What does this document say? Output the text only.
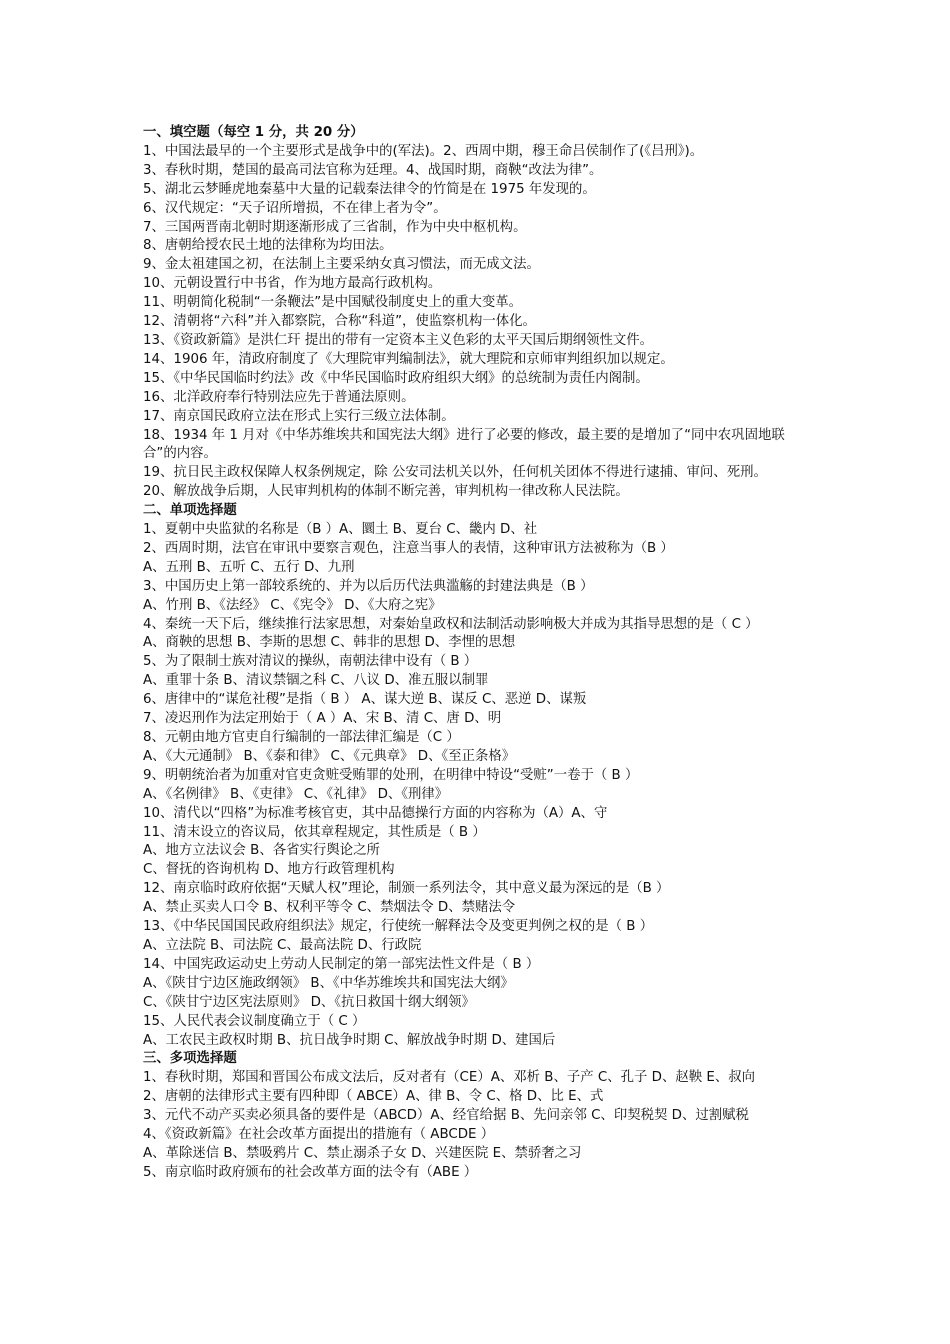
一、填空题（每空 1 分，共 20 分）
1、中国法最早的一个主要形式是战争中的(军法)。2、西周中期，穆王命吕侯制作了(《吕刑》)。
3、春秋时期，楚国的最高司法官称为廷理。4、战国时期，商鞅“改法为律”。
5、湖北云梦睡虎地秦墓中大量的记载秦法律令的竹简是在 1975 年发现的。
6、汉代规定：“天子诏所增损，不在律上者为令”。
7、三国两晋南北朝时期逐渐形成了三省制，作为中央中枢机构。
8、唐朝给授农民土地的法律称为均田法。
9、金太祖建国之初，在法制上主要采纳女真习惯法，而无成文法。
10、元朝设置行中书省，作为地方最高行政机构。
11、明朝简化税制“一条鞭法”是中国赋役制度史上的重大变革。
12、清朝将“六科”并入都察院，合称“科道”，使监察机构一体化。
13、《资政新篇》是洪仁玕 提出的带有一定资本主义色彩的太平天国后期纲领性文件。
14、1906 年，清政府制度了《大理院审判编制法》，就大理院和京师审判组织加以规定。
15、《中华民国临时约法》改《中华民国临时政府组织大纲》的总统制为责任内阁制。
16、北洋政府奉行特别法应先于普通法原则。
17、南京国民政府立法在形式上实行三级立法体制。
18、1934 年 1 月对《中华苏维埃共和国宪法大纲》进行了必要的修改，最主要的是增加了“同中农巩固地联合”的内容。
19、抗日民主政权保障人权条例规定，除 公安司法机关以外，任何机关团体不得进行逮捕、审问、死刑。
20、解放战争后期，人民审判机构的体制不断完善，审判机构一律改称人民法院。
二、单项选择题
1、夏朝中央监狱的名称是（B ）A、圜土 B、夏台 C、畿内 D、社
2、西周时期，法官在审讯中要察言观色，注意当事人的表情，这种审讯方法被称为（B ）
A、五刑 B、五听 C、五行 D、九刑
3、中国历史上第一部较系统的、并为以后历代法典滥觞的封建法典是（B ）
A、竹刑 B、《法经》 C、《宪令》 D、《大府之宪》
4、秦统一天下后，继续推行法家思想，对秦始皇政权和法制活动影响极大并成为其指导思想的是（ C ）
A、商鞅的思想 B、李斯的思想 C、韩非的思想 D、李悝的思想
5、为了限制士族对清议的操纵，南朝法律中设有（ B ）
A、重罪十条 B、清议禁锢之科 C、八议 D、准五服以制罪
6、唐律中的“谋危社稷”是指（ B ） A、谋大逆 B、谋反 C、恶逆 D、谋叛
7、凌迟刑作为法定刑始于（ A ）A、宋 B、清 C、唐 D、明
8、元朝由地方官吏自行编制的一部法律汇编是（C ）
A、《大元通制》 B、《泰和律》 C、《元典章》 D、《至正条格》
9、明朝统治者为加重对官吏贪赃受贿罪的处刑，在明律中特设“受赃”一卷于（ B ）
A、《名例律》 B、《吏律》 C、《礼律》 D、《刑律》
10、清代以“四格”为标准考核官吏，其中品德操行方面的内容称为（A）A、守
11、清末设立的咨议局，依其章程规定，其性质是（ B ）
A、地方立法议会 B、各省实行舆论之所
C、督抚的咨询机构 D、地方行政管理机构
12、南京临时政府依据“天赋人权”理论，制颁一系列法令，其中意义最为深远的是（B ）
A、禁止买卖人口令 B、权利平等令 C、禁烟法令 D、禁赌法令
13、《中华民国国民政府组织法》规定，行使统一解释法令及变更判例之权的是（ B ）
A、立法院 B、司法院 C、最高法院 D、行政院
14、中国宪政运动史上劳动人民制定的第一部宪法性文件是（ B ）
A、《陕甘宁边区施政纲领》 B、《中华苏维埃共和国宪法大纲》
C、《陕甘宁边区宪法原则》 D、《抗日救国十纲大纲领》
15、人民代表会议制度确立于（ C ）
A、工农民主政权时期 B、抗日战争时期 C、解放战争时期 D、建国后
三、多项选择题
1、春秋时期，郑国和晋国公布成文法后，反对者有（CE）A、邓析 B、子产 C、孔子 D、赵鞅 E、叔向
2、唐朝的法律形式主要有四种即（ ABCE）A、律 B、令 C、格 D、比 E、式
3、元代不动产买卖必须具备的要件是（ABCD）A、经官给据 B、先问亲邻 C、印契税契 D、过割赋税
4、《资政新篇》在社会改革方面提出的措施有（ ABCDE ）
A、革除迷信 B、禁吸鸦片 C、禁止溺杀子女 D、兴建医院 E、禁骄奢之习
5、南京临时政府颁布的社会改革方面的法令有（ABE ）
